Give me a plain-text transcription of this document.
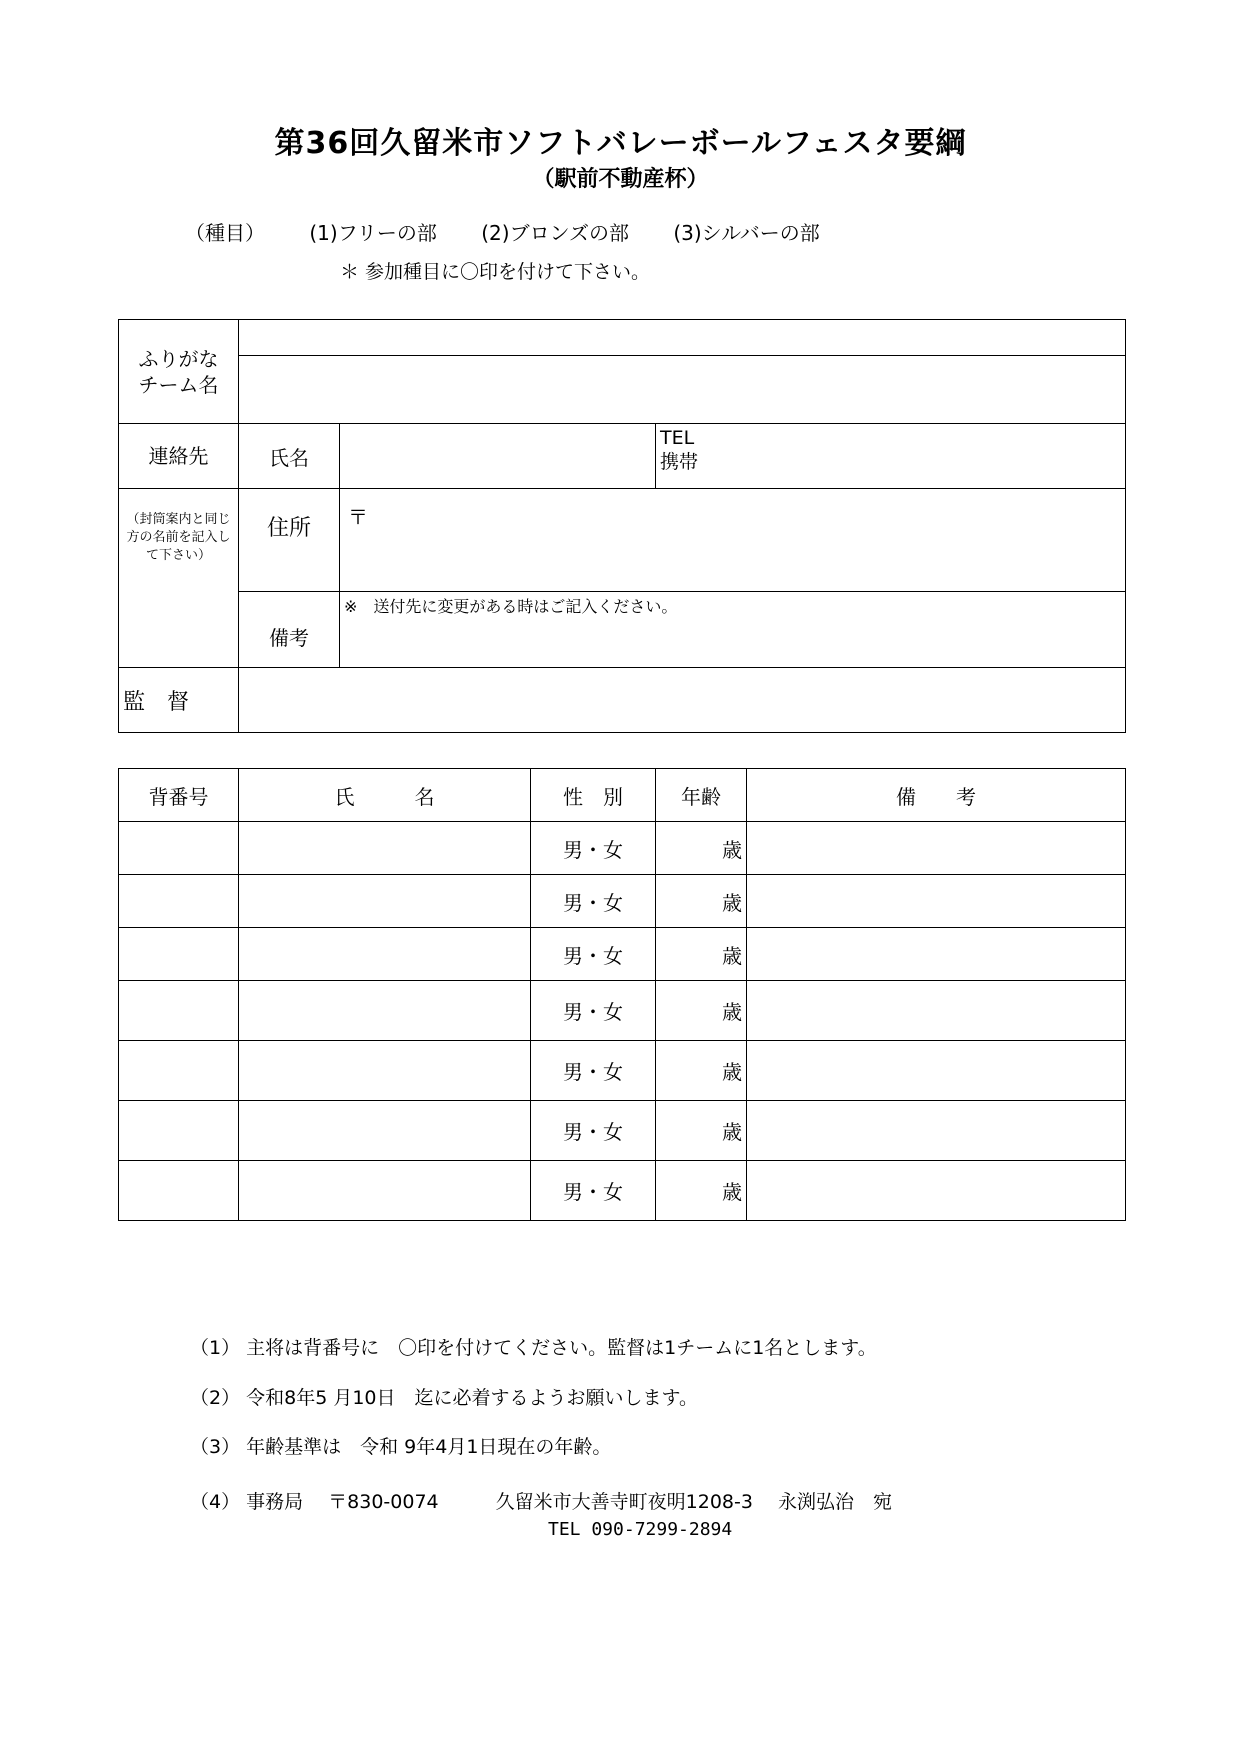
第36回久留米市ソフトバレーボールフェスタ要綱
（駅前不動産杯）
（種目） (1)フリーの部 (2)ブロンズの部 (3)シルバーの部
＊ 参加種目に〇印を付けて下さい。
ふりがな
チーム名			

連絡先	氏名		TEL
携帯

（封筒案内と同じ方の名前を記入して下さい）	住所	〒	
	備考	※　送付先に変更がある時はご記入ください。	
監　督			
背番号	氏　　　名	性　別	年齢	備　　考
		男・女	歳	
		男・女	歳	
		男・女	歳	
		男・女	歳	
		男・女	歳	
		男・女	歳	
		男・女	歳	
（1） 主将は背番号に　〇印を付けてください。監督は1チームに1名とします。
（2） 令和8年5 月10日　迄に必着するようお願いします。
（3） 年齢基準は　令和 9年4月1日現在の年齢。
（4） 事務局　 〒830-0074　　　久留米市大善寺町夜明1208-3　 永渕弘治　宛
TEL 090-7299-2894
